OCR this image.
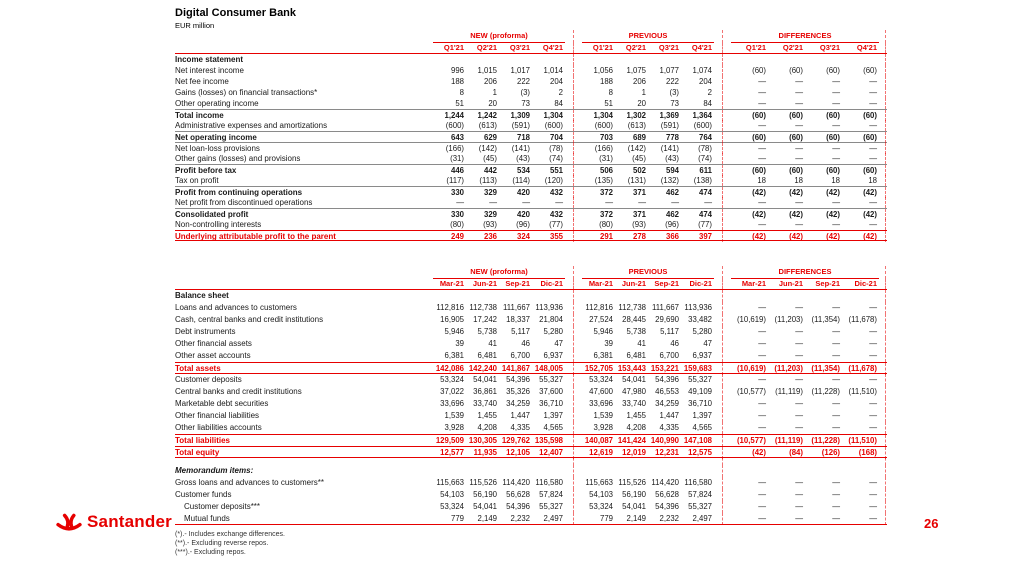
Digital Consumer Bank
EUR million
NEW (proforma)	PREVIOUS	DIFFERENCES
Q1'21	Q2'21	Q3'21	Q4'21	Q1'21	Q2'21	Q3'21	Q4'21	Q1'21	Q2'21	Q3'21	Q4'21
Income statement
Net interest income	996	1,015	1,017	1,014	1,056	1,075	1,077	1,074	(60)	(60)	(60)	(60)
Net fee income	188	206	222	204	188	206	222	204	—	—	—	—
Gains (losses) on financial transactions*	8	1	(3)	2	8	1	(3)	2	—	—	—	—
Other operating income	51	20	73	84	51	20	73	84	—	—	—	—
Total income	1,244	1,242	1,309	1,304	1,304	1,302	1,369	1,364	(60)	(60)	(60)	(60)
Administrative expenses and amortizations	(600)	(613)	(591)	(600)	(600)	(613)	(591)	(600)	—	—	—	—
Net operating income	643	629	718	704	703	689	778	764	(60)	(60)	(60)	(60)
Net loan-loss provisions	(166)	(142)	(141)	(78)	(166)	(142)	(141)	(78)	—	—	—	—
Other gains (losses) and provisions	(31)	(45)	(43)	(74)	(31)	(45)	(43)	(74)	—	—	—	—
Profit before tax	446	442	534	551	506	502	594	611	(60)	(60)	(60)	(60)
Tax on profit	(117)	(113)	(114)	(120)	(135)	(131)	(132)	(138)	18	18	18	18
Profit from continuing operations	330	329	420	432	372	371	462	474	(42)	(42)	(42)	(42)
Net profit from discontinued operations	—	—	—	—	—	—	—	—	—	—	—	—
Consolidated profit	330	329	420	432	372	371	462	474	(42)	(42)	(42)	(42)
Non-controlling interests	(80)	(93)	(96)	(77)	(80)	(93)	(96)	(77)	—	—	—	—
Underlying attributable profit to the parent	249	236	324	355	291	278	366	397	(42)	(42)	(42)	(42)
NEW (proforma)	PREVIOUS	DIFFERENCES
Mar-21	Jun-21	Sep-21	Dic-21	Mar-21	Jun-21	Sep-21	Dic-21	Mar-21	Jun-21	Sep-21	Dic-21
Balance sheet
Loans and advances to customers	112,816 112,738 111,667 113,936	112,816 112,738 111,667 113,936	—	—	—	—
Cash, central banks and credit institutions	16,905	17,242	18,337	21,804	27,524	28,445	29,690	33,482	(10,619)	(11,203)	(11,354)	(11,678)
Debt instruments	5,946	5,738	5,117	5,280	5,946	5,738	5,117	5,280	—	—	—	—
Other financial assets	39	41	46	47	39	41	46	47	—	—	—	—
Other asset accounts	6,381	6,481	6,700	6,937	6,381	6,481	6,700	6,937	—	—	—	—
Total assets	142,086 142,240 141,867 148,005	152,705 153,443 153,221 159,683	(10,619)	(11,203)	(11,354)	(11,678)
Customer deposits	53,324	54,041	54,396	55,327	53,324	54,041	54,396	55,327	—	—	—	—
Central banks and credit institutions	37,022	36,861	35,326	37,600	47,600	47,980	46,553	49,109	(10,577)	(11,119)	(11,228)	(11,510)
Marketable debt securities	33,696	33,740	34,259	36,710	33,696	33,740	34,259	36,710	—	—	—	—
Other financial liabilities	1,539	1,455	1,447	1,397	1,539	1,455	1,447	1,397	—	—	—	—
Other liabilities accounts	3,928	4,208	4,335	4,565	3,928	4,208	4,335	4,565	—	—	—	—
Total liabilities	129,509 130,305 129,762 135,598	140,087 141,424 140,990 147,108	(10,577)	(11,119)	(11,228)	(11,510)
Total equity	12,577	11,935	12,105	12,407	12,619	12,019	12,231	12,575	(42)	(84)	(126)	(168)
Memorandum items:
Gross loans and advances to customers**	115,663 115,526 114,420 116,580	115,663 115,526 114,420 116,580	—	—	—	—
Customer funds	54,103	56,190	56,628	57,824	54,103	56,190	56,628	57,824	—	—	—	—
Customer deposits***	53,324	54,041	54,396	55,327	53,324	54,041	54,396	55,327	—	—	—	—
Mutual funds	779	2,149	2,232	2,497	779	2,149	2,232	2,497	—	—	—	—
(*).- Includes exchange differences.
(**).- Excluding reverse repos.
(***).- Excluding repos.
Santander	26
